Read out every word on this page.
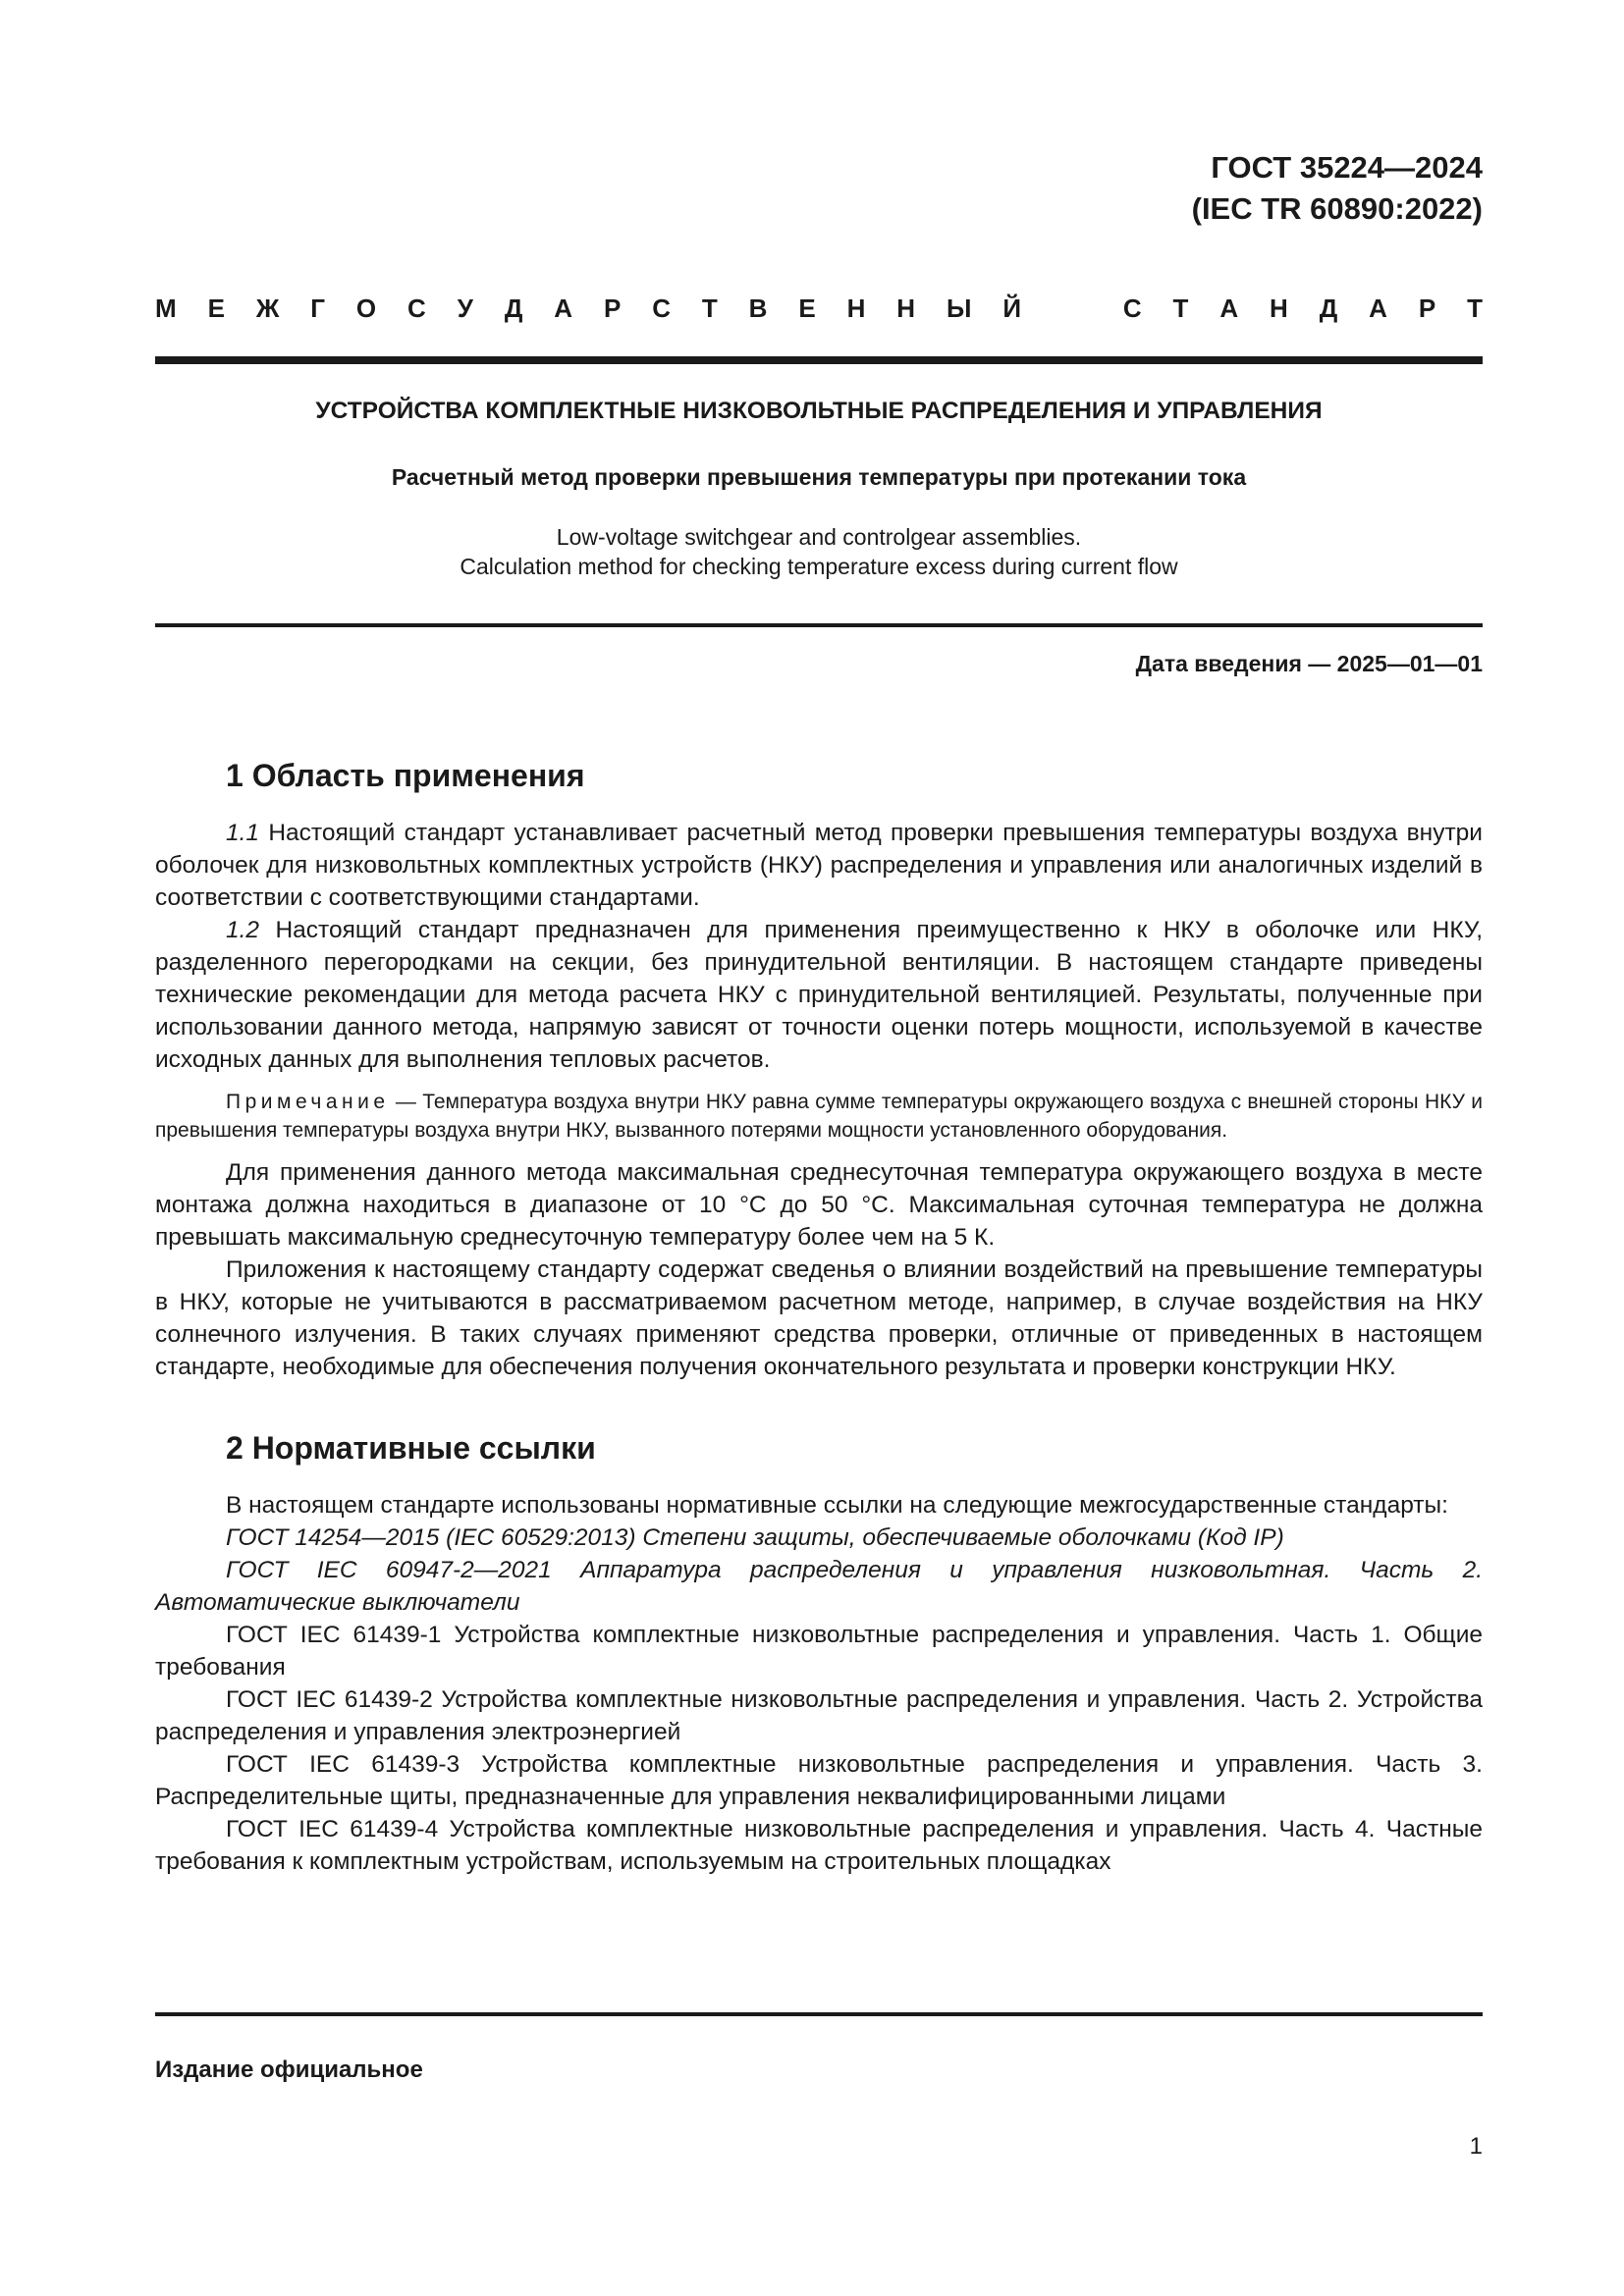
ГОСТ 35224—2024
(IEC TR 60890:2022)
М Е Ж Г О С У Д А Р С Т В Е Н Н Ы Й	С Т А Н Д А Р Т
УСТРОЙСТВА КОМПЛЕКТНЫЕ НИЗКОВОЛЬТНЫЕ РАСПРЕДЕЛЕНИЯ И УПРАВЛЕНИЯ
Расчетный метод проверки превышения температуры при протекании тока
Low-voltage switchgear and controlgear assemblies.
Calculation method for checking temperature excess during current flow
Дата введения — 2025—01—01
1 Область применения

1.1 Настоящий стандарт устанавливает расчетный метод проверки превышения температуры воздуха внутри оболочек для низковольтных комплектных устройств (НКУ) распределения и управления или аналогичных изделий в соответствии с соответствующими стандартами.

1.2 Настоящий стандарт предназначен для применения преимущественно к НКУ в оболочке или НКУ, разделенного перегородками на секции, без принудительной вентиляции. В настоящем стандарте приведены технические рекомендации для метода расчета НКУ с принудительной вентиляцией. Результаты, полученные при использовании данного метода, напрямую зависят от точности оценки потерь мощности, используемой в качестве исходных данных для выполнения тепловых расчетов.

Примечание — Температура воздуха внутри НКУ равна сумме температуры окружающего воздуха с внешней стороны НКУ и превышения температуры воздуха внутри НКУ, вызванного потерями мощности установленного оборудования.

Для применения данного метода максимальная среднесуточная температура окружающего воздуха в месте монтажа должна находиться в диапазоне от 10 °C до 50 °C. Максимальная суточная температура не должна превышать максимальную среднесуточную температуру более чем на 5 К.

Приложения к настоящему стандарту содержат сведенья о влиянии воздействий на превышение температуры в НКУ, которые не учитываются в рассматриваемом расчетном методе, например, в случае воздействия на НКУ солнечного излучения. В таких случаях применяют средства проверки, отличные от приведенных в настоящем стандарте, необходимые для обеспечения получения окончательного результата и проверки конструкции НКУ.

2 Нормативные ссылки

В настоящем стандарте использованы нормативные ссылки на следующие межгосударственные стандарты:

ГОСТ 14254—2015 (IEC 60529:2013) Степени защиты, обеспечиваемые оболочками (Код IP)

ГОСТ IEC 60947-2—2021 Аппаратура распределения и управления низковольтная. Часть 2. Автоматические выключатели

ГОСТ IEC 61439-1 Устройства комплектные низковольтные распределения и управления. Часть 1. Общие требования

ГОСТ IEC 61439-2 Устройства комплектные низковольтные распределения и управления. Часть 2. Устройства распределения и управления электроэнергией

ГОСТ IEC 61439-3 Устройства комплектные низковольтные распределения и управления. Часть 3. Распределительные щиты, предназначенные для управления неквалифицированными лицами

ГОСТ IEC 61439-4 Устройства комплектные низковольтные распределения и управления. Часть 4. Частные требования к комплектным устройствам, используемым на строительных площадках

Издание официальное
1
